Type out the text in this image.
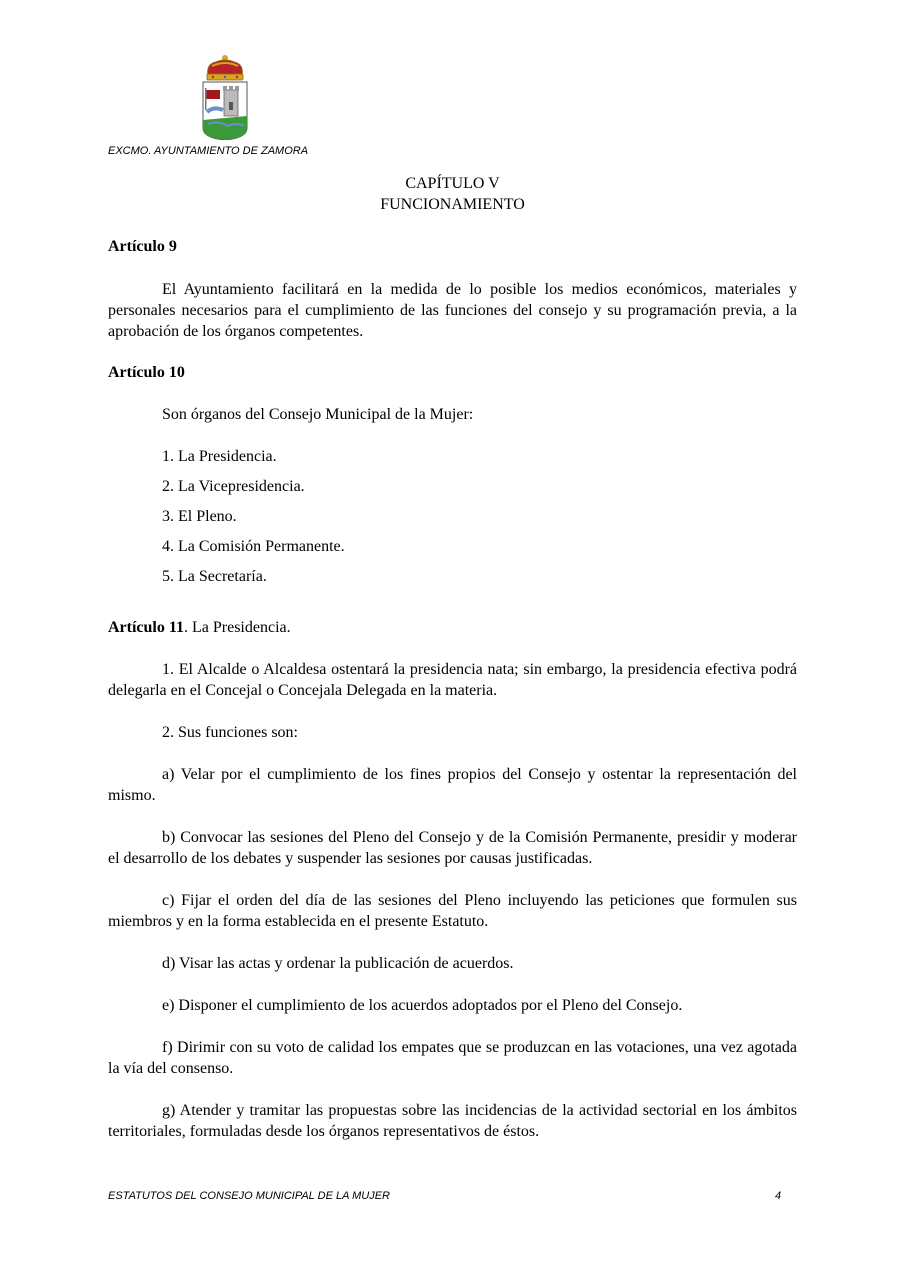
EXCMO. AYUNTAMIENTO DE ZAMORA
CAPÍTULO V
FUNCIONAMIENTO
Artículo 9

El Ayuntamiento facilitará en la medida de lo posible los medios económicos, materiales y personales necesarios para el cumplimiento de las funciones del consejo y su programación previa, a la aprobación de los órganos competentes.

Artículo 10
Son órganos del Consejo Municipal de la Mujer:
1. La Presidencia.
2. La Vicepresidencia.
3. El Pleno.
4. La Comisión Permanente.
5. La Secretaría.
Artículo 11. La Presidencia.

1. El Alcalde o Alcaldesa ostentará la presidencia nata; sin embargo, la presidencia efectiva podrá delegarla en el Concejal o Concejala Delegada en la materia.

2. Sus funciones son:

a) Velar por el cumplimiento de los fines propios del Consejo y ostentar la representación del mismo.

b) Convocar las sesiones del Pleno del Consejo y de la Comisión Permanente, presidir y moderar el desarrollo de los debates y suspender las sesiones por causas justificadas.

c) Fijar el orden del día de las sesiones del Pleno incluyendo las peticiones que formulen sus miembros y en la forma establecida en el presente Estatuto.

d) Visar las actas y ordenar la publicación de acuerdos.

e) Disponer el cumplimiento de los acuerdos adoptados por el Pleno del Consejo.

f) Dirimir con su voto de calidad los empates que se produzcan en las votaciones, una vez agotada la vía del consenso.

g) Atender y tramitar las propuestas sobre las incidencias de la actividad sectorial en los ámbitos territoriales, formuladas desde los órganos representativos de éstos.

ESTATUTOS DEL CONSEJO MUNICIPAL DE LA MUJER	4
